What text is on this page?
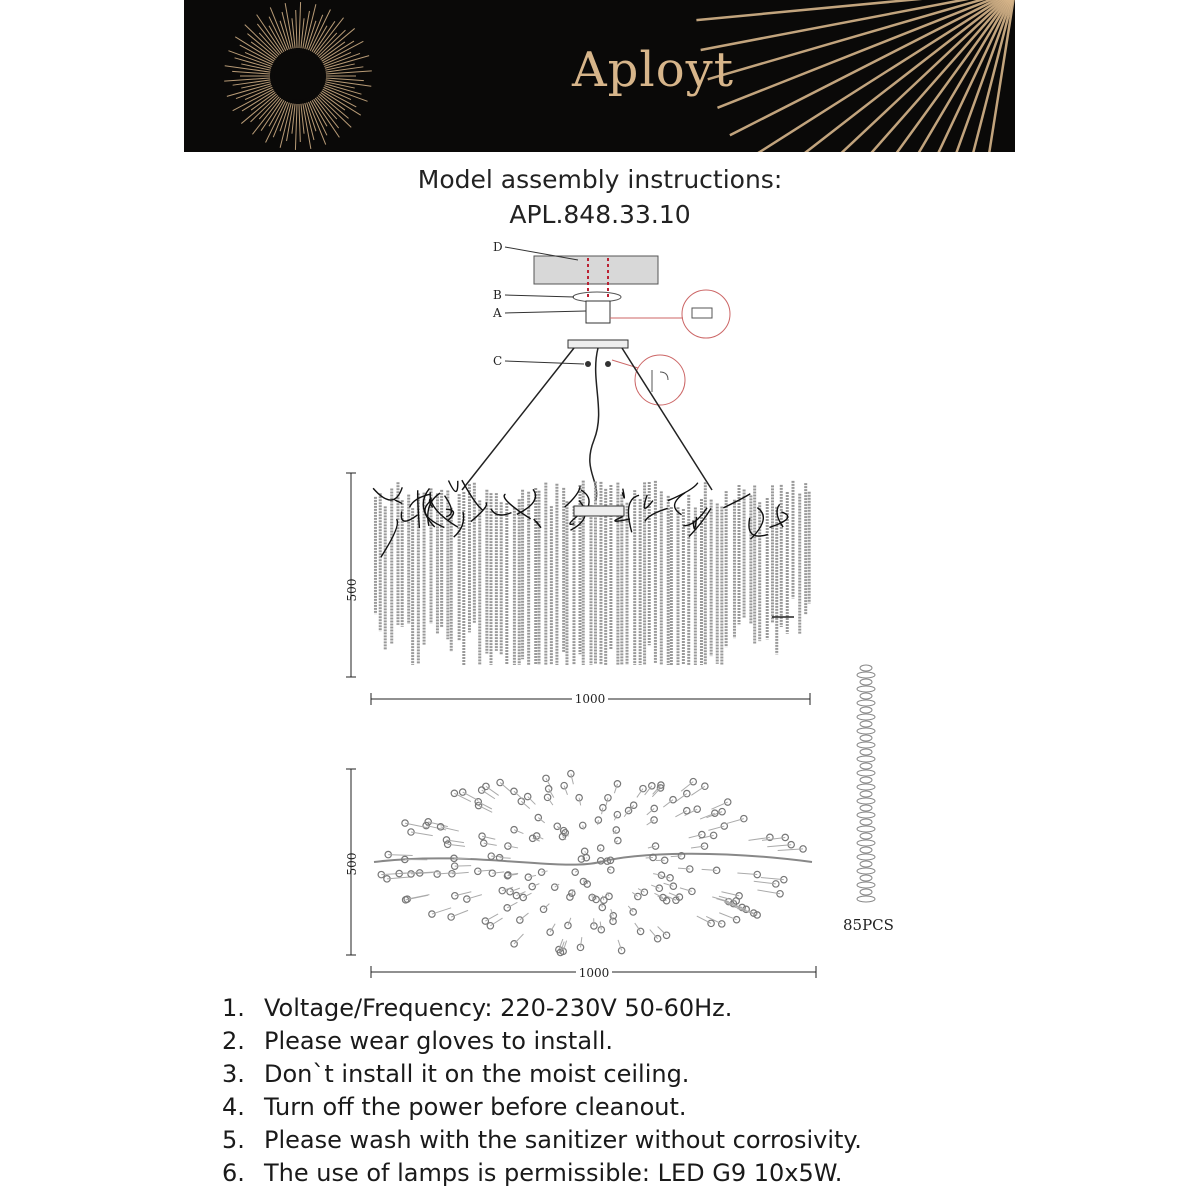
Aployt
Model assembly instructions:
APL.848.33.10
D
B
A
C
500
1000
500
1000
85PCS
1. Voltage/Frequency: 220-230V 50-60Hz.
2. Please wear gloves to install.
3. Don`t install it on the moist ceiling.
4. Turn off the power before cleanout.
5. Please wash with the sanitizer without corrosivity.
6. The use of lamps is permissible: LED G9 10x5W.
